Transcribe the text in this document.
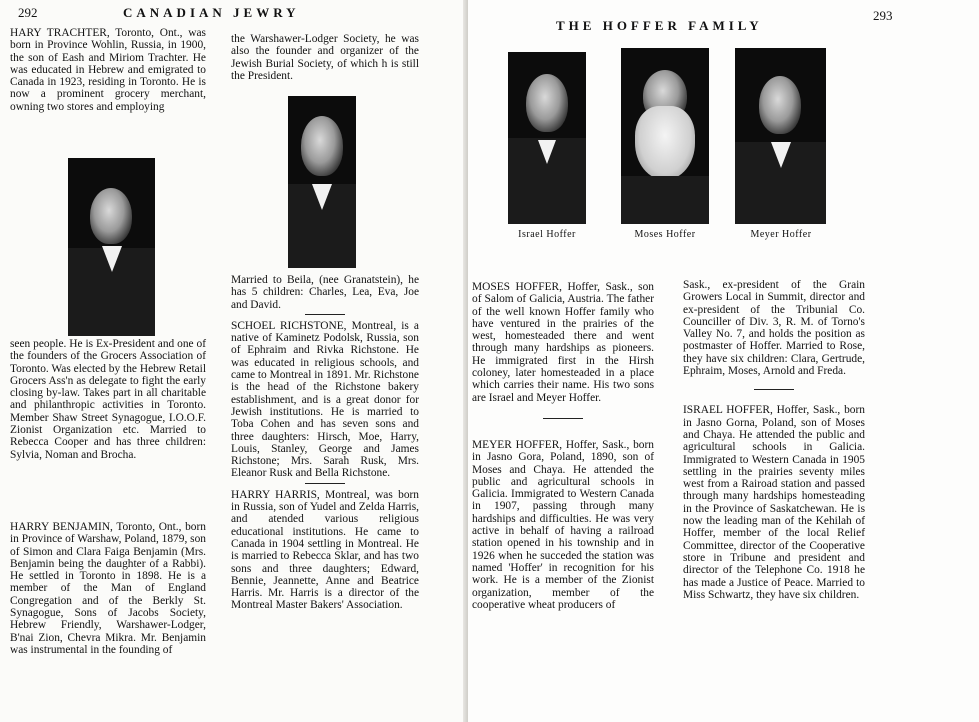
292	CANADIAN JEWRY

HARY TRACHTER, Toronto, Ont., was born in Province Wohlin, Russia, in 1900, the son of Eash and Miriom Trachter. He was educated in Hebrew and emigrated to Canada in 1923, residing in Toronto. He is now a prominent grocery merchant, owning two stores and employing

seen people. He is Ex-President and one of the founders of the Grocers Association of Toronto. Was elected by the Hebrew Retail Grocers Ass'n as delegate to fight the early closing by-law. Takes part in all charitable and philanthropic activities in Toronto. Member Shaw Street Synagogue, I.O.O.F. Zionist Organization etc. Married to Rebecca Cooper and has three children: Sylvia, Noman and Brocha.

HARRY BENJAMIN, Toronto, Ont., born in Province of Warshaw, Poland, 1879, son of Simon and Clara Faiga Benjamin (Mrs. Benjamin being the daughter of a Rabbi). He settled in Toronto in 1898. He is a member of the Man of England Congregation and of the Berkly St. Synagogue, Sons of Jacobs Society, Hebrew Friendly, Warshawer-Lodger, B'nai Zion, Chevra Mikra. Mr. Benjamin was instrumental in the founding of

the Warshawer-Lodger Society, he was also the founder and organizer of the Jewish Burial Society, of which h is still the President.

Married to Beila, (nee Granatstein), he has 5 children: Charles, Lea, Eva, Joe and David.

SCHOEL RICHSTONE, Montreal, is a native of Kaminetz Podolsk, Russia, son of Ephraim and Rivka Richstone. He was educated in religious schools, and came to Montreal in 1891. Mr. Richstone is the head of the Richstone bakery establishment, and is a great donor for Jewish institutions. He is married to Toba Cohen and has seven sons and three daughters: Hirsch, Moe, Harry, Louis, Stanley, George and James Richstone; Mrs. Sarah Rusk, Mrs. Eleanor Rusk and Bella Richstone.

HARRY HARRIS, Montreal, was born in Russia, son of Yudel and Zelda Harris, and atended various religious educational institutions. He came to Canada in 1904 settling in Montreal. He is married to Rebecca Sklar, and has two sons and three daughters; Edward, Bennie, Jeannette, Anne and Beatrice Harris. Mr. Harris is a director of the Montreal Master Bakers' Association.

THE HOFFER FAMILY
293
Israel Hoffer	Moses Hoffer	Meyer Hoffer

MOSES HOFFER, Hoffer, Sask., son of Salom of Galicia, Austria. The father of the well known Hoffer family who have ventured in the prairies of the west, homesteaded there and went through many hardships as pioneers. He immigrated first in the Hirsh coloney, later homesteaded in a place which carries their name. His two sons are Israel and Meyer Hoffer.

MEYER HOFFER, Hoffer, Sask., born in Jasno Gora, Poland, 1890, son of Moses and Chaya. He attended the public and agricultural schools in Galicia. Immigrated to Western Canada in 1907, passing through many hardships and difficulties. He was very active in behalf of having a railroad station opened in his township and in 1926 when he succeded the station was named 'Hoffer' in recognition for his work. He is a member of the Zionist organization, member of the cooperative wheat producers of

Sask., ex-president of the Grain Growers Local in Summit, director and ex-president of the Tribunial Co. Counciller of Div. 3, R. M. of Torno's Valley No. 7, and holds the position as postmaster of Hoffer. Married to Rose, they have six children: Clara, Gertrude, Ephraim, Moses, Arnold and Freda.

ISRAEL HOFFER, Hoffer, Sask., born in Jasno Gorna, Poland, son of Moses and Chaya. He attended the public and agricultural schools in Galicia. Immigrated to Western Canada in 1905 settling in the prairies seventy miles west from a Rairoad station and passed through many hardships homesteading in the Province of Saskatchewan. He is now the leading man of the Kehilah of Hoffer, member of the local Relief Committee, director of the Cooperative store in Tribune and president and director of the Telephone Co. 1918 he has made a Justice of Peace. Married to Miss Schwartz, they have six children.
